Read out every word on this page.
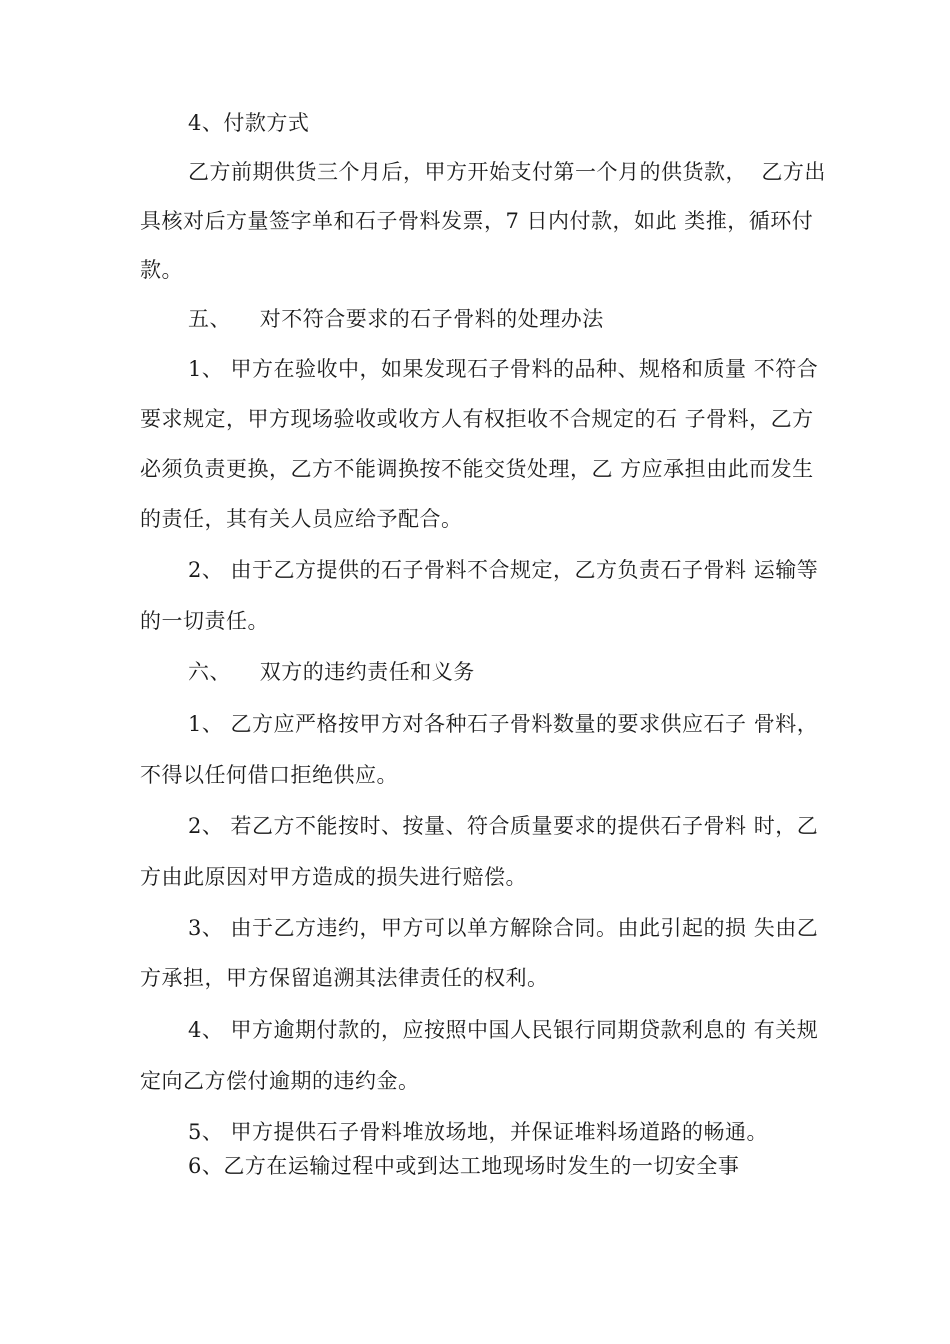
4、付款方式
乙方前期供货三个月后，甲方开始支付第一个月的供货款，  乙方出
具核对后方量签字单和石子骨料发票，7 日内付款，如此 类推，循环付
款。
五、    对不符合要求的石子骨料的处理办法
1、 甲方在验收中，如果发现石子骨料的品种、规格和质量 不符合
要求规定，甲方现场验收或收方人有权拒收不合规定的石 子骨料，乙方
必须负责更换，乙方不能调换按不能交货处理，乙 方应承担由此而发生
的责任，其有关人员应给予配合。
2、 由于乙方提供的石子骨料不合规定，乙方负责石子骨料 运输等
的一切责任。
六、    双方的违约责任和义务
1、 乙方应严格按甲方对各种石子骨料数量的要求供应石子 骨料，
不得以任何借口拒绝供应。
2、 若乙方不能按时、按量、符合质量要求的提供石子骨料 时，乙
方由此原因对甲方造成的损失进行赔偿。
3、 由于乙方违约，甲方可以单方解除合同。由此引起的损 失由乙
方承担，甲方保留追溯其法律责任的权利。
4、 甲方逾期付款的，应按照中国人民银行同期贷款利息的 有关规
定向乙方偿付逾期的违约金。
5、 甲方提供石子骨料堆放场地，并保证堆料场道路的畅通。
6、乙方在运输过程中或到达工地现场时发生的一切安全事
